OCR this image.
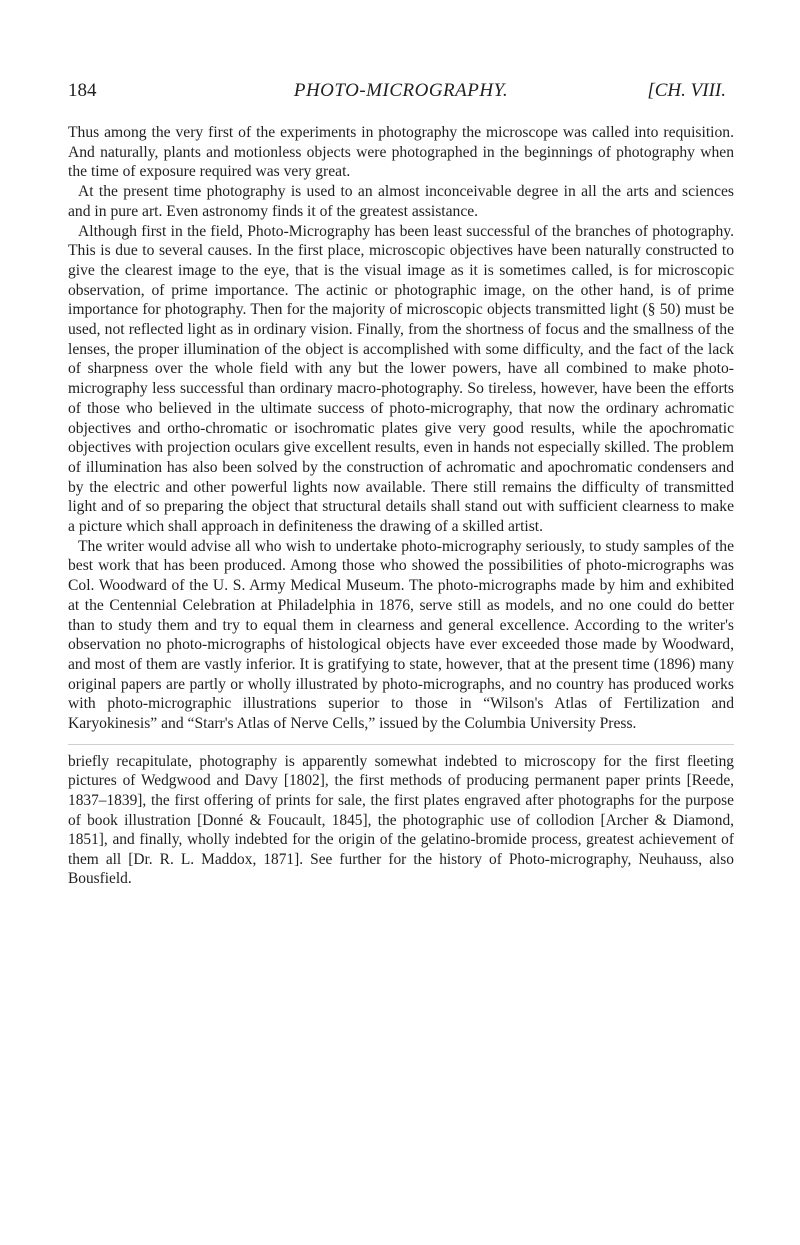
184	PHOTO-MICROGRAPHY.	[CH. VIII.

Thus among the very first of the experiments in photography the microscope was called into requisition. And naturally, plants and motionless objects were photographed in the beginnings of photography when the time of exposure required was very great.

At the present time photography is used to an almost inconceivable degree in all the arts and sciences and in pure art. Even astronomy finds it of the greatest assistance.

Although first in the field, Photo-Micrography has been least successful of the branches of photography. This is due to several causes. In the first place, microscopic objectives have been naturally constructed to give the clearest image to the eye, that is the visual image as it is sometimes called, is for microscopic observation, of prime importance. The actinic or photographic image, on the other hand, is of prime importance for photography. Then for the majority of microscopic objects transmitted light (§ 50) must be used, not reflected light as in ordinary vision. Finally, from the shortness of focus and the smallness of the lenses, the proper illumination of the object is accomplished with some difficulty, and the fact of the lack of sharpness over the whole field with any but the lower powers, have all combined to make photo-micrography less successful than ordinary macro-photography. So tireless, however, have been the efforts of those who believed in the ultimate success of photo-micrography, that now the ordinary achromatic objectives and ortho-chromatic or isochromatic plates give very good results, while the apochromatic objectives with projection oculars give excellent results, even in hands not especially skilled. The problem of illumination has also been solved by the construction of achromatic and apochromatic condensers and by the electric and other powerful lights now available. There still remains the difficulty of transmitted light and of so preparing the object that structural details shall stand out with sufficient clearness to make a picture which shall approach in definiteness the drawing of a skilled artist.

The writer would advise all who wish to undertake photo-micrography seriously, to study samples of the best work that has been produced. Among those who showed the possibilities of photo-micrographs was Col. Woodward of the U. S. Army Medical Museum. The photo-micrographs made by him and exhibited at the Centennial Celebration at Philadelphia in 1876, serve still as models, and no one could do better than to study them and try to equal them in clearness and general excellence. According to the writer's observation no photo-micrographs of histological objects have ever exceeded those made by Woodward, and most of them are vastly inferior. It is gratifying to state, however, that at the present time (1896) many original papers are partly or wholly illustrated by photo-micrographs, and no country has produced works with photo-micrographic illustrations superior to those in “Wilson's Atlas of Fertilization and Karyokinesis” and “Starr's Atlas of Nerve Cells,” issued by the Columbia University Press.

briefly recapitulate, photography is apparently somewhat indebted to microscopy for the first fleeting pictures of Wedgwood and Davy [1802], the first methods of producing permanent paper prints [Reede, 1837–1839], the first offering of prints for sale, the first plates engraved after photographs for the purpose of book illustration [Donné & Foucault, 1845], the photographic use of collodion [Archer & Diamond, 1851], and finally, wholly indebted for the origin of the gelatino-bromide process, greatest achievement of them all [Dr. R. L. Maddox, 1871]. See further for the history of Photo-micrography, Neuhauss, also Bousfield.
